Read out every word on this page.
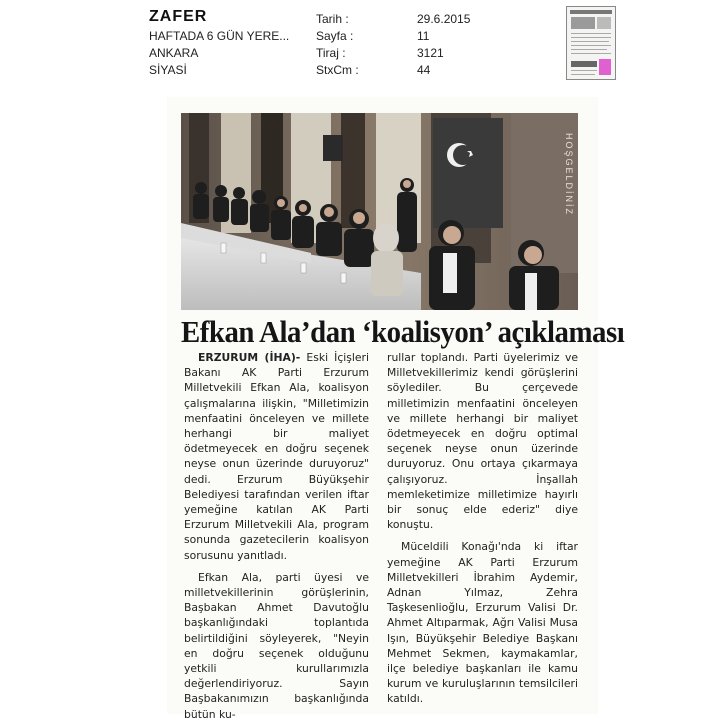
ZAFER
HAFTADA 6 GÜN YERE...
ANKARA
SİYASİ
Tarih :	29.6.2015
Sayfa :	11
Tiraj :	3121
StxCm :	44
HOŞGELDİNİZ
Efkan Ala’dan ‘koalisyon’ açıklaması

ERZURUM (İHA)- Eski İçişleri Bakanı AK Parti Erzurum Milletvekili Efkan Ala, koalisyon çalışmalarına ilişkin, "Milletimizin menfaatini önceleyen ve millete herhangi bir maliyet ödetmeyecek en doğru seçenek neyse onun üzerinde duruyoruz" dedi. Erzurum Büyükşehir Belediyesi tarafından verilen iftar yemeğine katılan AK Parti Erzurum Milletvekili Ala, program sonunda gazetecilerin koalisyon sorusunu yanıtladı.

Efkan Ala, parti üyesi ve milletvekillerinin görüşlerinin, Başbakan Ahmet Davutoğlu başkanlığındaki toplantıda belirtildiğini söyleyerek, "Neyin en doğru seçenek olduğunu yetkili kurullarımızla değerlendiriyoruz. Sayın Başbakanımızın başkanlığında bütün ku-

rullar toplandı. Parti üyelerimiz ve Milletvekillerimiz kendi görüşlerini söylediler. Bu çerçevede milletimizin menfaatini önceleyen ve millete herhangi bir maliyet ödetmeyecek en doğru optimal seçenek neyse onun üzerinde duruyoruz. Onu ortaya çıkarmaya çalışıyoruz. İnşallah memleketimize milletimize hayırlı bir sonuç elde ederiz" diye konuştu.

Müceldili Konağı'nda ki iftar yemeğine AK Parti Erzurum Milletvekilleri İbrahim Aydemir, Adnan Yılmaz, Zehra Taşkesenlioğlu, Erzurum Valisi Dr. Ahmet Altıparmak, Ağrı Valisi Musa Işın, Büyükşehir Belediye Başkanı Mehmet Sekmen, kaymakamlar, ilçe belediye başkanları ile kamu kurum ve kuruluşlarının temsilcileri katıldı.
